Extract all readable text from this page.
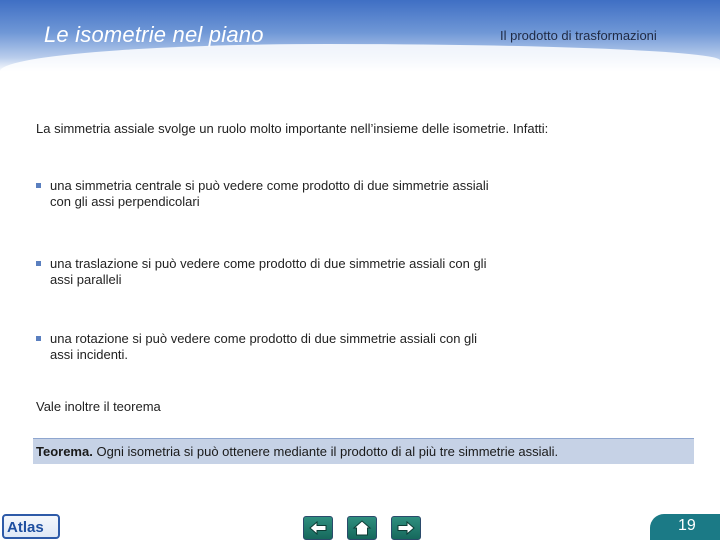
Le isometrie nel piano	Il prodotto di trasformazioni
La simmetria assiale svolge un ruolo molto importante nell’insieme delle isometrie. Infatti:
una simmetria centrale si può vedere come prodotto di due simmetrie assiali
con gli assi perpendicolari
una traslazione si può vedere come prodotto di due simmetrie assiali con gli
assi paralleli
una rotazione si può vedere come prodotto di due simmetrie assiali con gli
assi incidenti.
Vale inoltre il teorema
Teorema. Ogni isometria si può ottenere mediante il prodotto di al più tre simmetrie assiali.
Atlas	19
